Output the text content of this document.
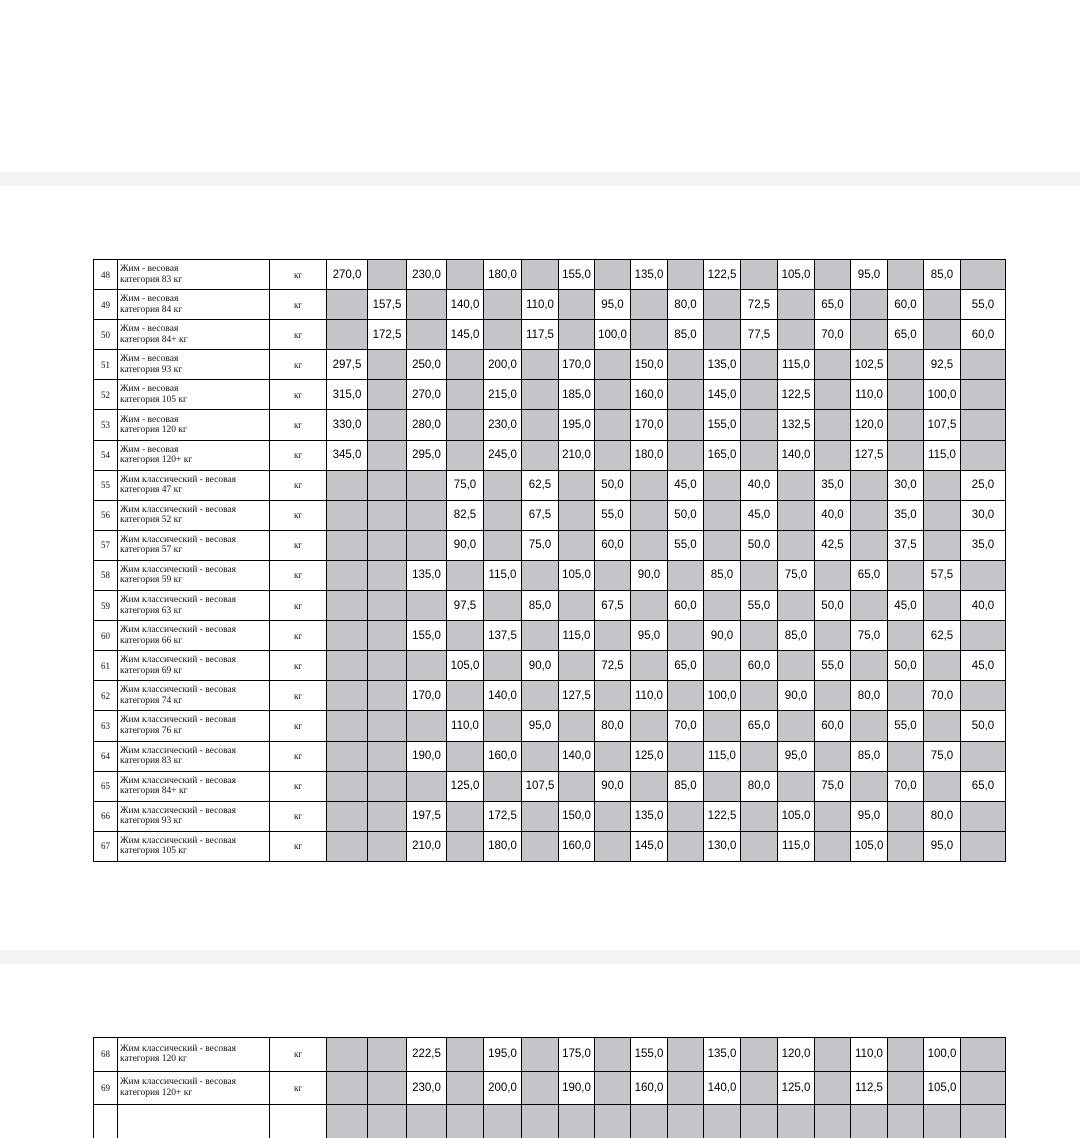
48	Жим - весовая
категория 83 кг	кг	270,0		230,0		180,0		155,0		135,0		122,5		105,0		95,0		85,0	
49	Жим - весовая
категория 84 кг	кг		157,5		140,0		110,0		95,0		80,0		72,5		65,0		60,0		55,0
50	Жим - весовая
категория 84+ кг	кг		172,5		145,0		117,5		100,0		85,0		77,5		70,0		65,0		60,0
51	Жим - весовая
категория 93 кг	кг	297,5		250,0		200,0		170,0		150,0		135,0		115,0		102,5		92,5	
52	Жим - весовая
категория 105 кг	кг	315,0		270,0		215,0		185,0		160,0		145,0		122,5		110,0		100,0	
53	Жим - весовая
категория 120 кг	кг	330,0		280,0		230,0		195,0		170,0		155,0		132,5		120,0		107,5	
54	Жим - весовая
категория 120+ кг	кг	345,0		295,0		245,0		210,0		180,0		165,0		140,0		127,5		115,0	
55	Жим классический - весовая
категория 47 кг	кг				75,0		62,5		50,0		45,0		40,0		35,0		30,0		25,0
56	Жим классический - весовая
категория 52 кг	кг				82,5		67,5		55,0		50,0		45,0		40,0		35,0		30,0
57	Жим классический - весовая
категория 57 кг	кг				90,0		75,0		60,0		55,0		50,0		42,5		37,5		35,0
58	Жим классический - весовая
категория 59 кг	кг			135,0		115,0		105,0		90,0		85,0		75,0		65,0		57,5	
59	Жим классический - весовая
категория 63 кг	кг				97,5		85,0		67,5		60,0		55,0		50,0		45,0		40,0
60	Жим классический - весовая
категория 66 кг	кг			155,0		137,5		115,0		95,0		90,0		85,0		75,0		62,5	
61	Жим классический - весовая
категория 69 кг	кг				105,0		90,0		72,5		65,0		60,0		55,0		50,0		45,0
62	Жим классический - весовая
категория 74 кг	кг			170,0		140,0		127,5		110,0		100,0		90,0		80,0		70,0	
63	Жим классический - весовая
категория 76 кг	кг				110,0		95,0		80,0		70,0		65,0		60,0		55,0		50,0
64	Жим классический - весовая
категория 83 кг	кг			190,0		160,0		140,0		125,0		115,0		95,0		85,0		75,0	
65	Жим классический - весовая
категория 84+ кг	кг				125,0		107,5		90,0		85,0		80,0		75,0		70,0		65,0
66	Жим классический - весовая
категория 93 кг	кг			197,5		172,5		150,0		135,0		122,5		105,0		95,0		80,0	
67	Жим классический - весовая
категория 105 кг	кг			210,0		180,0		160,0		145,0		130,0		115,0		105,0		95,0	
68	Жим классический - весовая
категория 120 кг	кг			222,5		195,0		175,0		155,0		135,0		120,0		110,0		100,0	
69	Жим классический - весовая
категория 120+ кг	кг			230,0		200,0		190,0		160,0		140,0		125,0		112,5		105,0	
